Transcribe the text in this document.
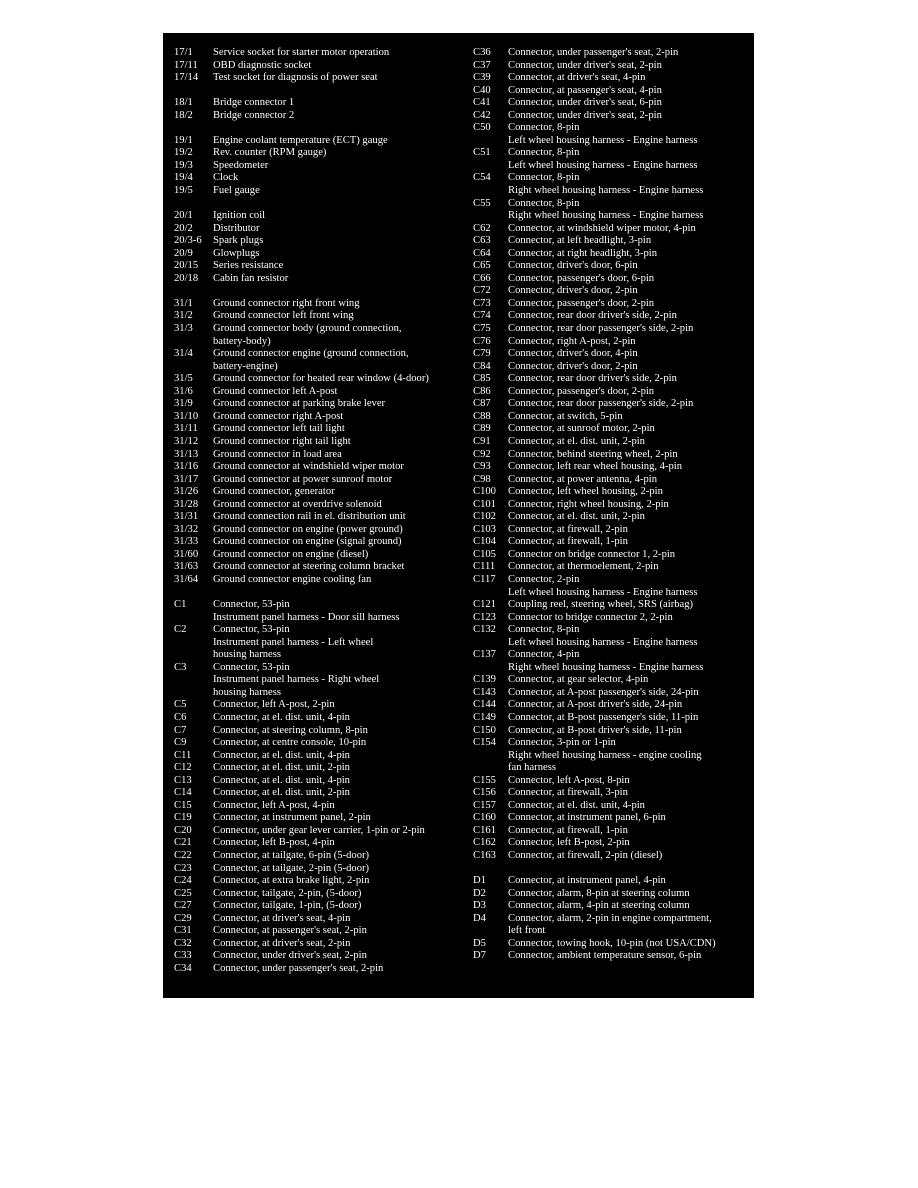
17/1	Service socket for starter motor operation
17/11	OBD diagnostic socket
17/14	Test socket for diagnosis of power seat
18/1	Bridge connector 1
18/2	Bridge connector 2
19/1	Engine coolant temperature (ECT) gauge
19/2	Rev. counter (RPM gauge)
19/3	Speedometer
19/4	Clock
19/5	Fuel gauge
20/1	Ignition coil
20/2	Distributor
20/3-6	Spark plugs
20/9	Glowplugs
20/15	Series resistance
20/18	Cabin fan resistor
31/1	Ground connector right front wing
31/2	Ground connector left front wing
31/3	Ground connector body (ground connection,
battery-body)
31/4	Ground connector engine (ground connection,
battery-engine)
31/5	Ground connector for heated rear window (4-door)
31/6	Ground connector left A-post
31/9	Ground connector at parking brake lever
31/10	Ground connector right A-post
31/11	Ground connector left tail light
31/12	Ground connector right tail light
31/13	Ground connector in load area
31/16	Ground connector at windshield wiper motor
31/17	Ground connector at power sunroof motor
31/26	Ground connector, generator
31/28	Ground connector at overdrive solenoid
31/31	Ground connection rail in el. distribution unit
31/32	Ground connector on engine (power ground)
31/33	Ground connector on engine (signal ground)
31/60	Ground connector on engine (diesel)
31/63	Ground connector at steering column bracket
31/64	Ground connector engine cooling fan
C1	Connector, 53-pin
Instrument panel harness - Door sill harness
C2	Connector, 53-pin
Instrument panel harness - Left wheel
housing harness
C3	Connector, 53-pin
Instrument panel harness - Right wheel
housing harness
C5	Connector, left A-post, 2-pin
C6	Connector, at el. dist. unit, 4-pin
C7	Connector, at steering column, 8-pin
C9	Connector, at centre console, 10-pin
C11	Connector, at el. dist. unit, 4-pin
C12	Connector, at el. dist. unit, 2-pin
C13	Connector, at el. dist. unit, 4-pin
C14	Connector, at el. dist. unit, 2-pin
C15	Connector, left A-post, 4-pin
C19	Connector, at instrument panel, 2-pin
C20	Connector, under gear lever carrier, 1-pin or 2-pin
C21	Connector, left B-post, 4-pin
C22	Connector, at tailgate, 6-pin (5-door)
C23	Connector, at tailgate, 2-pin (5-door)
C24	Connector, at extra brake light, 2-pin
C25	Connector, tailgate, 2-pin, (5-door)
C27	Connector, tailgate, 1-pin, (5-door)
C29	Connector, at driver's seat, 4-pin
C31	Connector, at passenger's seat, 2-pin
C32	Connector, at driver's seat, 2-pin
C33	Connector, under driver's seat, 2-pin
C34	Connector, under passenger's seat, 2-pin
C36	Connector, under passenger's seat, 2-pin
C37	Connector, under driver's seat, 2-pin
C39	Connector, at driver's seat, 4-pin
C40	Connector, at passenger's seat, 4-pin
C41	Connector, under driver's seat, 6-pin
C42	Connector, under driver's seat, 2-pin
C50	Connector, 8-pin
Left wheel housing harness - Engine harness
C51	Connector, 8-pin
Left wheel housing harness - Engine harness
C54	Connector, 8-pin
Right wheel housing harness - Engine harness
C55	Connector, 8-pin
Right wheel housing harness - Engine harness
C62	Connector, at windshield wiper motor, 4-pin
C63	Connector, at left headlight, 3-pin
C64	Connector, at right headlight, 3-pin
C65	Connector, driver's door, 6-pin
C66	Connector, passenger's door, 6-pin
C72	Connector, driver's door, 2-pin
C73	Connector, passenger's door, 2-pin
C74	Connector, rear door driver's side, 2-pin
C75	Connector, rear door passenger's side, 2-pin
C76	Connector, right A-post, 2-pin
C79	Connector, driver's door, 4-pin
C84	Connector, driver's door, 2-pin
C85	Connector, rear door driver's side, 2-pin
C86	Connector, passenger's door, 2-pin
C87	Connector, rear door passenger's side, 2-pin
C88	Connector, at switch, 5-pin
C89	Connector, at sunroof motor, 2-pin
C91	Connector, at el. dist. unit, 2-pin
C92	Connector, behind steering wheel, 2-pin
C93	Connector, left rear wheel housing, 4-pin
C98	Connector, at power antenna, 4-pin
C100	Connector, left wheel housing, 2-pin
C101	Connector, right wheel housing, 2-pin
C102	Connector, at el. dist. unit, 2-pin
C103	Connector, at firewall, 2-pin
C104	Connector, at firewall, 1-pin
C105	Connector on bridge connector 1, 2-pin
C111	Connector, at thermoelement, 2-pin
C117	Connector, 2-pin
Left wheel housing harness - Engine harness
C121	Coupling reel, steering wheel, SRS (airbag)
C123	Connector to bridge connector 2, 2-pin
C132	Connector, 8-pin
Left wheel housing harness - Engine harness
C137	Connector, 4-pin
Right wheel housing harness - Engine harness
C139	Connector, at gear selector, 4-pin
C143	Connector, at A-post passenger's side, 24-pin
C144	Connector, at A-post driver's side, 24-pin
C149	Connector, at B-post passenger's side, 11-pin
C150	Connector, at B-post driver's side, 11-pin
C154	Connector, 3-pin or 1-pin
Right wheel housing harness - engine cooling
fan harness
C155	Connector, left A-post, 8-pin
C156	Connector, at firewall, 3-pin
C157	Connector, at el. dist. unit, 4-pin
C160	Connector, at instrument panel, 6-pin
C161	Connector, at firewall, 1-pin
C162	Connector, left B-post, 2-pin
C163	Connector, at firewall, 2-pin (diesel)
D1	Connector, at instrument panel, 4-pin
D2	Connector, alarm, 8-pin at steering column
D3	Connector, alarm, 4-pin at steering column
D4	Connector, alarm, 2-pin in engine compartment,
left front
D5	Connector, towing hook, 10-pin (not USA/CDN)
D7	Connector, ambient temperature sensor, 6-pin
